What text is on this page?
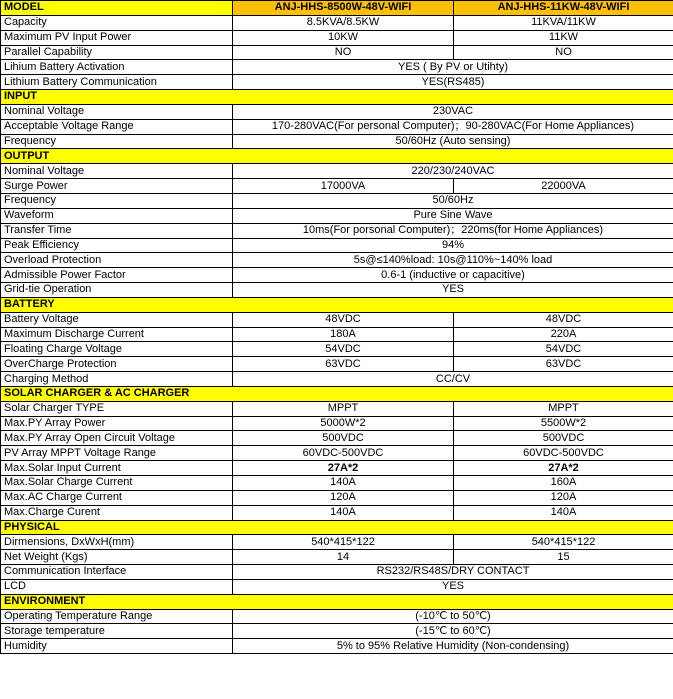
MODEL	ANJ-HHS-8500W-48V-WIFI	ANJ-HHS-11KW-48V-WIFI
Capacity	8.5KVA/8.5KW	11KVA/11KW
Maximum PV Input Power	10KW	11KW
Parallel Capability	NO	NO
Lihium Battery Activation	YES ( By PV or Utihty)	
Lithium Battery Communication	YES(RS485)	
INPUT		
Nominal Voltage	230VAC	
Acceptable Voltage Range	170-280VAC(For personal Computer)；90-280VAC(For Home Appliances)	
Frequency	50/60Hz (Auto sensing)	
OUTPUT		
Nominal Voltage	220/230/240VAC	
Surge Power	17000VA	22000VA
Frequency	50/60Hz	
Waveform	Pure Sine Wave	
Transfer Time	10ms(For porsonal Computer)；220ms(for Home Appliances)	
Peak Efficiency	94%	
Overload Protection	5s@≤140%load: 10s@110%~140% load	
Admissible Power Factor	0.6-1 (inductive or capacitive)	
Grid-tie Operation	YES	
BATTERY		
Battery Voltage	48VDC	48VDC
Maximum Discharge Current	180A	220A
Floating Charge Voltage	54VDC	54VDC
OverCharge Protection	63VDC	63VDC
Charging Method	CC/CV	
SOLAR CHARGER & AC CHARGER		
Solar Charger TYPE	MPPT	MPPT
Max.PY Array Power	5000W*2	5500W*2
Max.PY Array Open Circuit Voltage	500VDC	500VDC
PV Array MPPT Voltage Range	60VDC-500VDC	60VDC-500VDC
Max.Solar Input Current	27A*2	27A*2
Max.Solar Charge Current	140A	160A
Max.AC Charge Current	120A	120A
Max.Charge Curent	140A	140A
PHYSICAL		
Dirmensions, DxWxH(mm)	540*415*122	540*415*122
Net Weight (Kgs)	14	15
Communication Interface	RS232/RS48S/DRY CONTACT	
LCD	YES	
ENVIRONMENT		
Operating Temperature Range	(-10℃ to 50℃)	
Storage temperature	(-15℃ to 60℃)	
Humidity	5% to 95% Relative Humidity (Non-condensing)	
